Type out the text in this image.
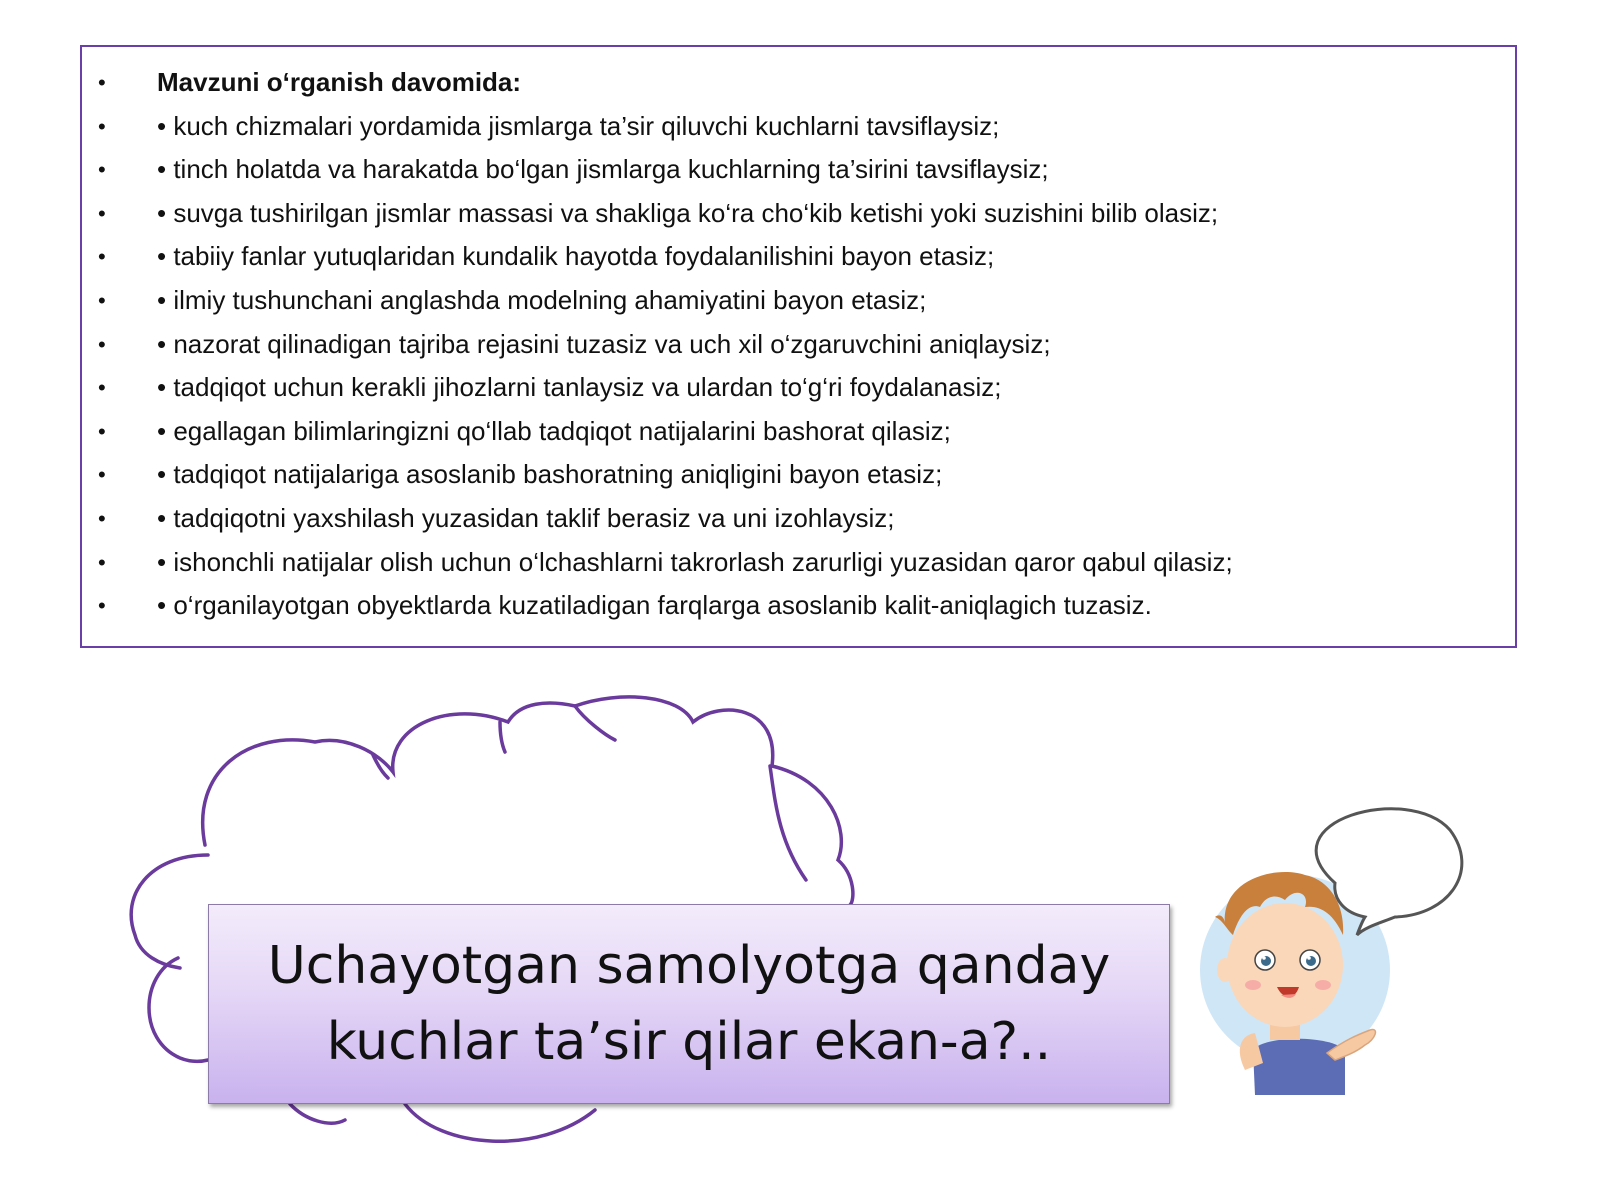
• Mavzuni o‘rganish davomida:
• • kuch chizmalari yordamida jismlarga ta’sir qiluvchi kuchlarni tavsiflaysiz;
• • tinch holatda va harakatda bo‘lgan jismlarga kuchlarning ta’sirini tavsiflaysiz;
• • suvga tushirilgan jismlar massasi va shakliga ko‘ra cho‘kib ketishi yoki suzishini bilib olasiz;
• • tabiiy fanlar yutuqlaridan kundalik hayotda foydalanilishini bayon etasiz;
• • ilmiy tushunchani anglashda modelning ahamiyatini bayon etasiz;
• • nazorat qilinadigan tajriba rejasini tuzasiz va uch xil o‘zgaruvchini aniqlaysiz;
• • tadqiqot uchun kerakli jihozlarni tanlaysiz va ulardan to‘g‘ri foydalanasiz;
• • egallagan bilimlaringizni qo‘llab tadqiqot natijalarini bashorat qilasiz;
• • tadqiqot natijalariga asoslanib bashoratning aniqligini bayon etasiz;
• • tadqiqotni yaxshilash yuzasidan taklif berasiz va uni izohlaysiz;
• • ishonchli natijalar olish uchun o‘lchashlarni takrorlash zarurligi yuzasidan qaror qabul qilasiz;
• • o‘rganilayotgan obyektlarda kuzatiladigan farqlarga asoslanib kalit-aniqlagich tuzasiz.
Uchayotgan samolyotga qanday
kuchlar ta’sir qilar ekan-a?..
